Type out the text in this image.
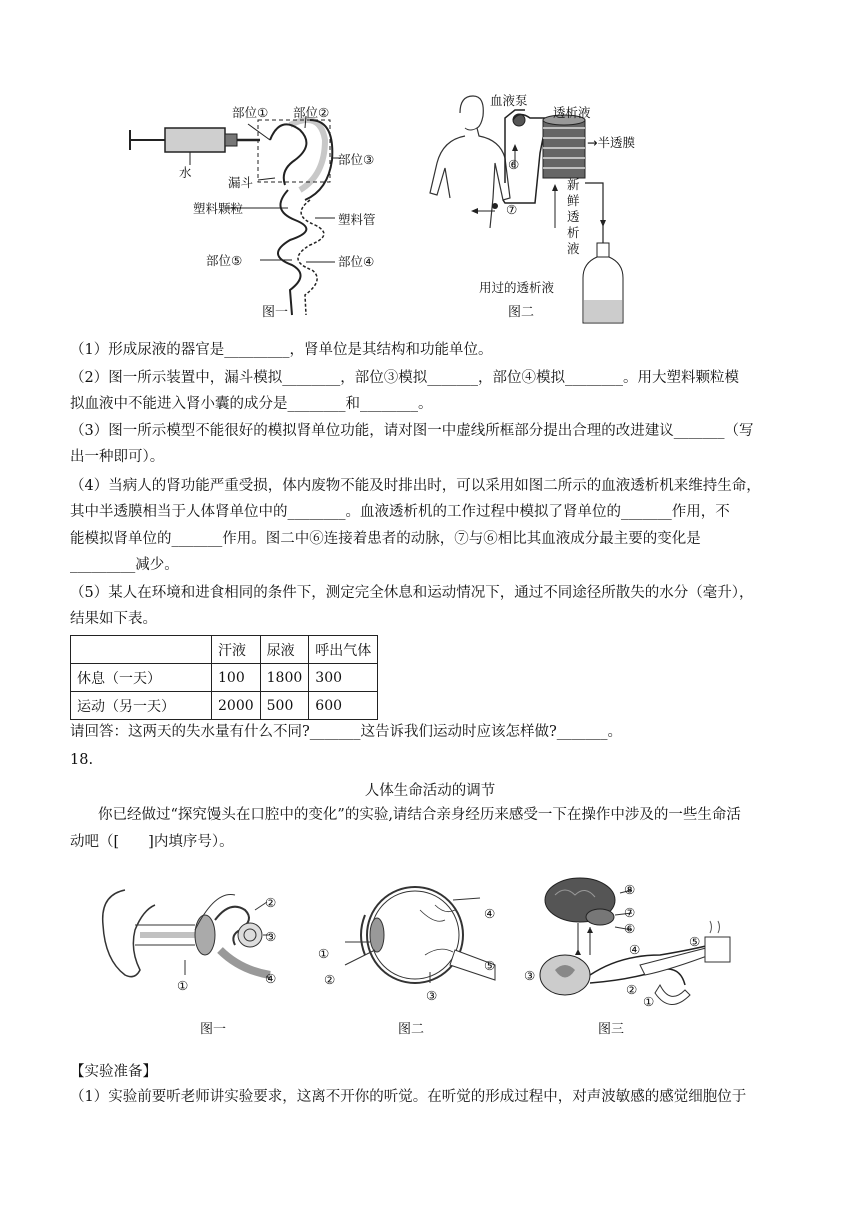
部位① 部位②
水
漏斗
部位③
塑料颗粒
塑料管
部位⑤	部位④
图一
血液泵
透析液
→半透膜
⑥
⑦
新
鲜
透
析
液
用过的透析液
图二
（1）形成尿液的器官是_________，肾单位是其结构和功能单位。
（2）图一所示装置中，漏斗模拟________，部位③模拟_______，部位④模拟________。用大塑料颗粒模
拟血液中不能进入肾小囊的成分是________和________。
（3）图一所示模型不能很好的模拟肾单位功能，请对图一中虚线所框部分提出合理的改进建议_______（写
出一种即可）。
（4）当病人的肾功能严重受损，体内废物不能及时排出时，可以采用如图二所示的血液透析机来维持生命，
其中半透膜相当于人体肾单位中的________。血液透析机的工作过程中模拟了肾单位的_______作用，不
能模拟肾单位的_______作用。图二中⑥连接着患者的动脉，⑦与⑥相比其血液成分最主要的变化是
_________减少。
（5）某人在环境和进食相同的条件下，测定完全休息和运动情况下，通过不同途径所散失的水分（毫升），
结果如下表。
	汗液	尿液	呼出气体
休息（一天）	100	1800	300
运动（另一天）	2000	500	600
请回答：这两天的失水量有什么不同?_______这告诉我们运动时应该怎样做?_______。
18.
人体生命活动的调节
你已经做过“探究馒头在口腔中的变化”的实验,请结合亲身经历来感受一下在操作中涉及的一些生命活
动吧（[　　]内填序号）。
②
③
①	④
图一
④
①
②
③
⑤
图二
⑧
⑦
⑥
⑤
④
③
②
①
图三
【实验准备】
（1）实验前要听老师讲实验要求，这离不开你的听觉。在听觉的形成过程中，对声波敏感的感觉细胞位于
